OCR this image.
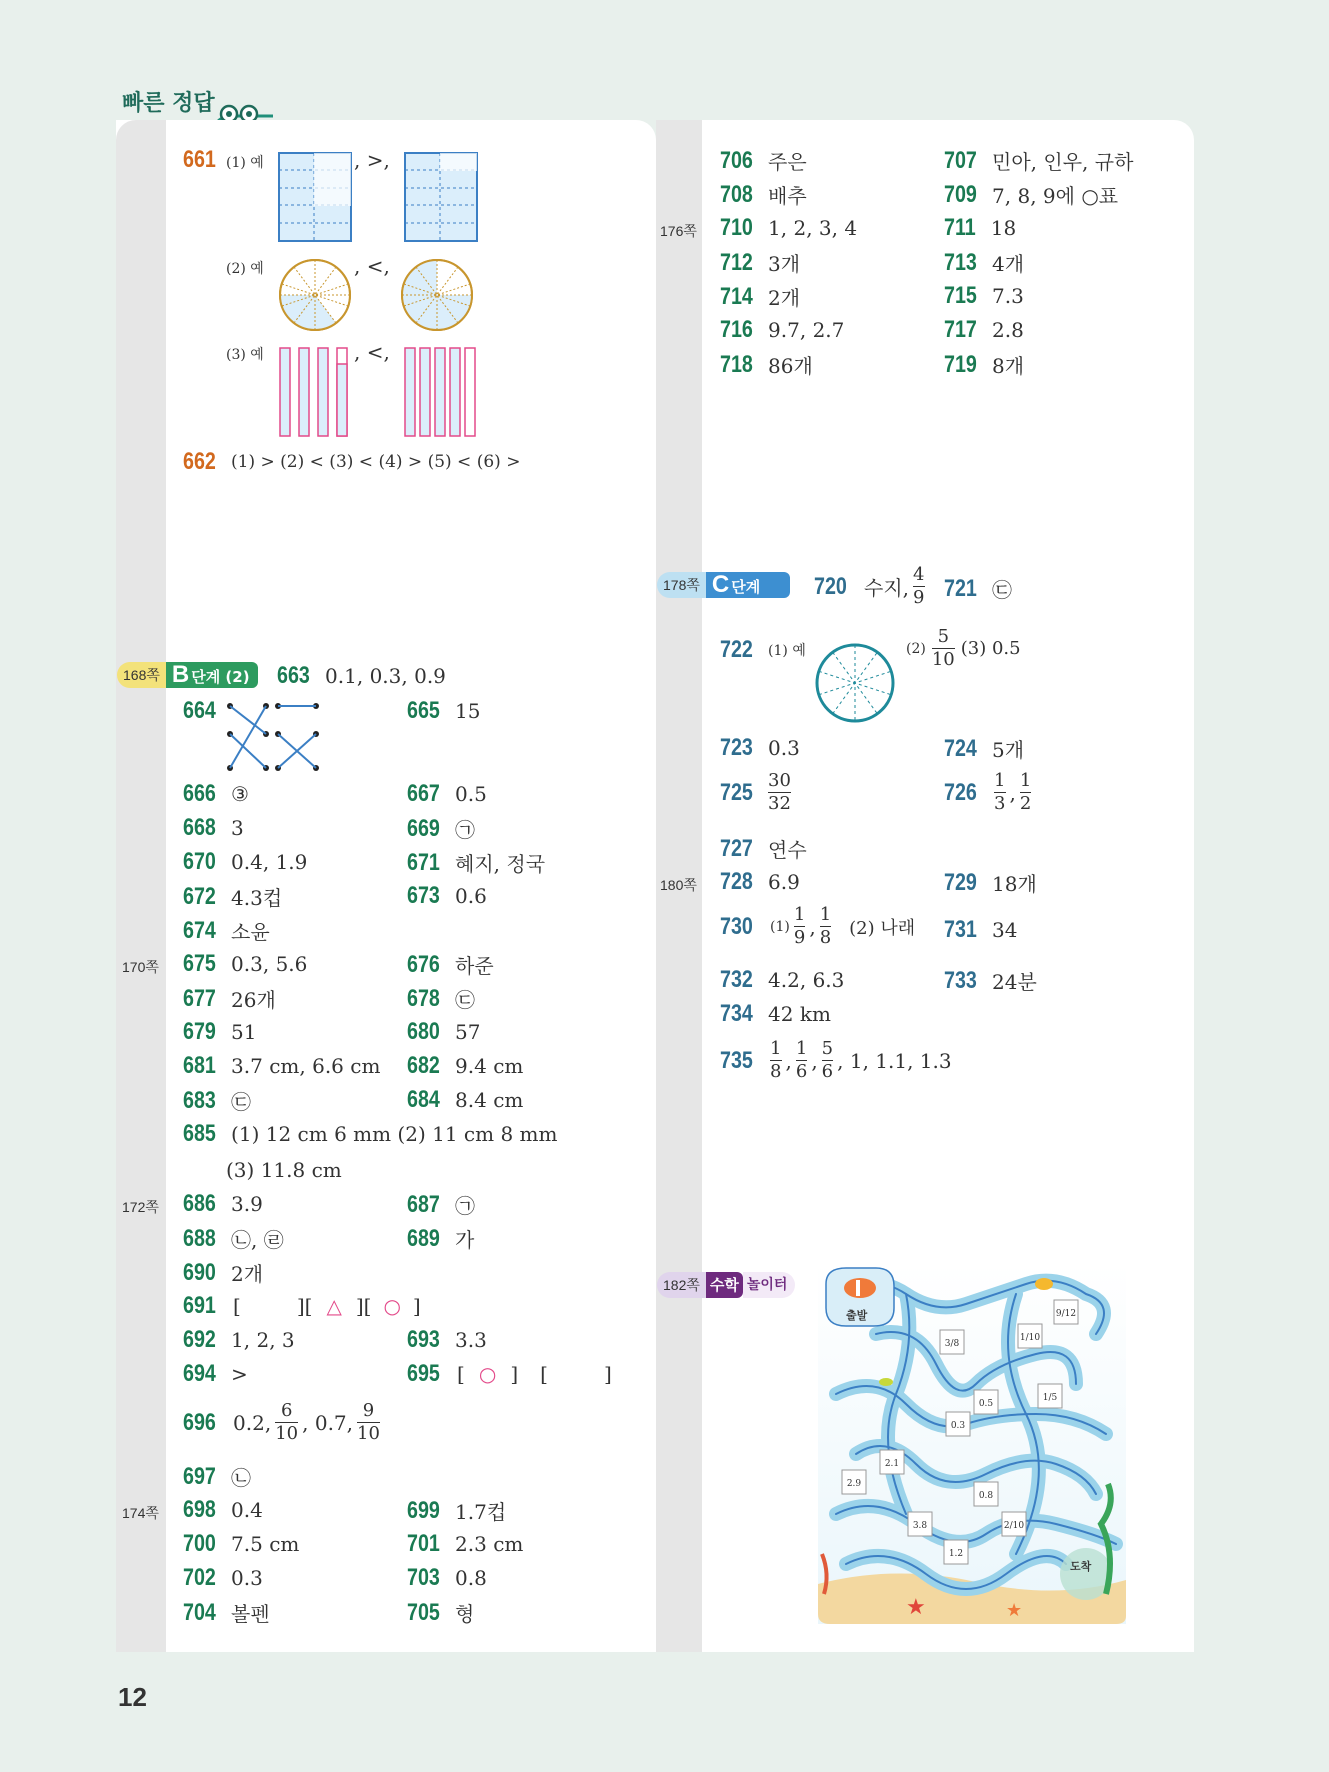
빠른 정답
661 (1) 예	, >,
(2) 예	, <,
(3) 예	, <,
662 (1) > (2) < (3) < (4) > (5) < (6) >
168쪽 B단계 (2)	663 0.1, 0.3, 0.9
664	665 15
666 ③	667 0.5
668 3	669 ㉠
670 0.4, 1.9	671 혜지, 정국
672 4.3컵	673 0.6
674 소윤
170쪽 675 0.3, 5.6	676 하준
677 26개	678 ㉢
679 51	680 57
681 3.7 cm, 6.6 cm 682 9.4 cm
683 ㉢	684 8.4 cm
685 (1) 12 cm 6 mm (2) 11 cm 8 mm
(3) 11.8 cm
172쪽 686 3.9	687 ㉠
688 ㉡, ㉣	689 가
690 2개
691 [	][ △ ][ ○ ]
692 1, 2, 3	693 3.3
694 >	695 [ ○ ] [	]
696 0.2, $\frac{6}{10}$ , 0.7, $\frac{9}{10}$
697 ㉡
174쪽 698 0.4	699 1.7컵
700 7.5 cm	701 2.3 cm
702 0.3	703 0.8
704 볼펜	705 형
706 주은	707 민아, 인우, 규하
708 배추	709 7, 8, 9에 ○표
176쪽 710 1, 2, 3, 4	711 18
712 3개	713 4개
714 2개	715 7.3
716 9.7, 2.7	717 2.8
718 86개	719 8개
178쪽 C단계	720 수지, $\frac{4}{9} 721$ ㉢
722 (1) 예	$(2) \frac{5}{10} (3)$ 0.5
723 0.3	724 5개
$725 \frac{30}{32}$	$726 \frac{1}{3}$ , $\frac{1}{2}$
727 연수
180쪽 728 6.9	729 18개
730 $(1) \frac{1}{9}$ , $\frac{1}{8} (2)$ 나래 731 34
732 4.2, 6.3	733 24분
734 42 km
$735 \frac{1}{8}$ , $\frac{1}{6}$ , $\frac{5}{6}$ , 1, 1.1, 1.3
182쪽 수학 놀이터
출발
도착
★	★
9/12
3/8
1/10
0.5
0.3
1/5
2.1
2.9
0.8
3.8	2/10
1.2
12
